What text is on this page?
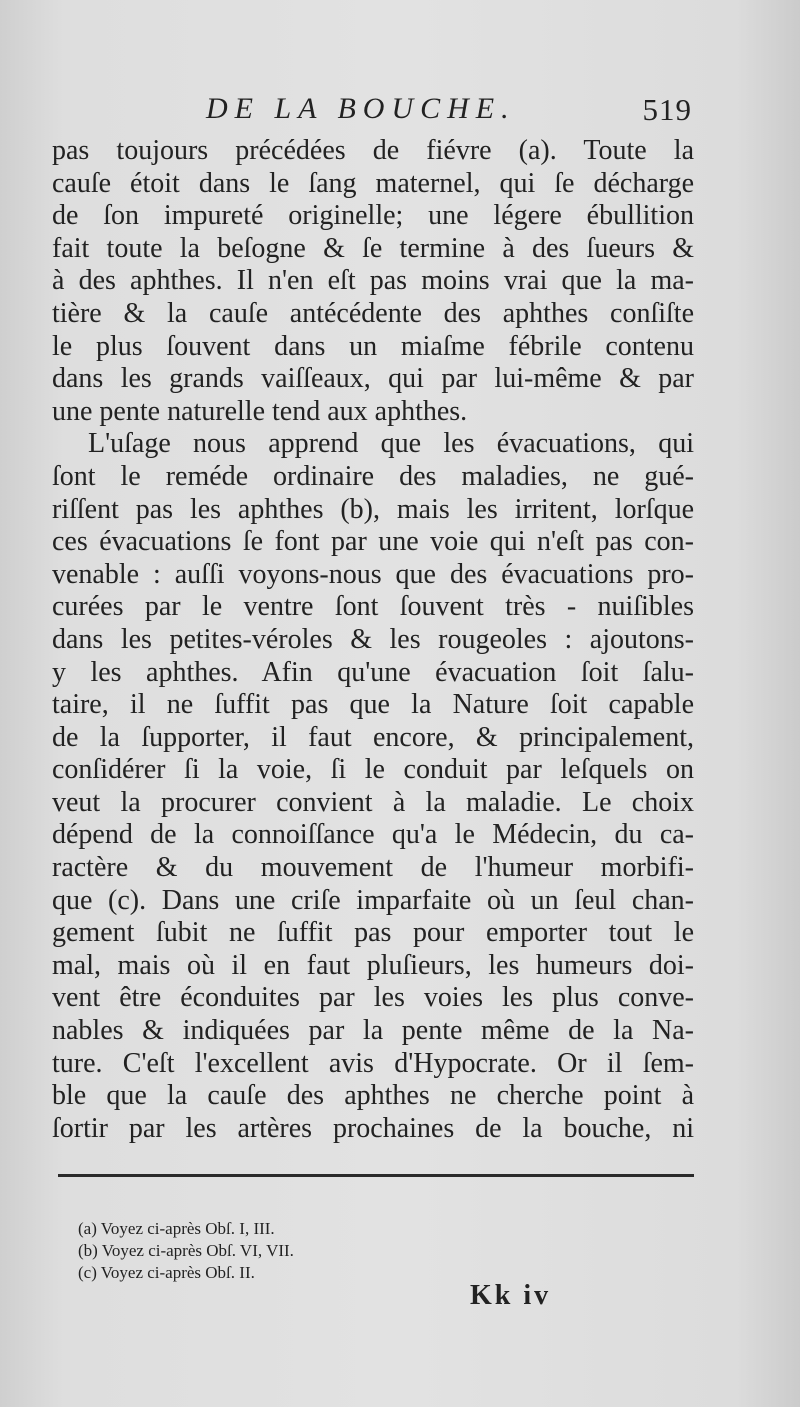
DE LA BOUCHE.	519
pas toujours précédées de fiévre (a). Toute la
cauſe étoit dans le ſang maternel, qui ſe décharge
de ſon impureté originelle; une légere ébullition
fait toute la beſogne & ſe termine à des ſueurs &
à des aphthes. Il n'en eſt pas moins vrai que la ma-
tière & la cauſe antécédente des aphthes conſiſte
le plus ſouvent dans un miaſme fébrile contenu
dans les grands vaiſſeaux, qui par lui-même & par
une pente naturelle tend aux aphthes.
L'uſage nous apprend que les évacuations, qui
ſont le reméde ordinaire des maladies, ne gué-
riſſent pas les aphthes (b), mais les irritent, lorſque
ces évacuations ſe font par une voie qui n'eſt pas con-
venable : auſſi voyons-nous que des évacuations pro-
curées par le ventre ſont ſouvent très - nuiſibles
dans les petites-véroles & les rougeoles : ajoutons-
y les aphthes. Afin qu'une évacuation ſoit ſalu-
taire, il ne ſuffit pas que la Nature ſoit capable
de la ſupporter, il faut encore, & principalement,
conſidérer ſi la voie, ſi le conduit par leſquels on
veut la procurer convient à la maladie. Le choix
dépend de la connoiſſance qu'a le Médecin, du ca-
ractère & du mouvement de l'humeur morbifi-
que (c). Dans une criſe imparfaite où un ſeul chan-
gement ſubit ne ſuffit pas pour emporter tout le
mal, mais où il en faut pluſieurs, les humeurs doi-
vent être éconduites par les voies les plus conve-
nables & indiquées par la pente même de la Na-
ture. C'eſt l'excellent avis d'Hypocrate. Or il ſem-
ble que la cauſe des aphthes ne cherche point à
ſortir par les artères prochaines de la bouche, ni
(a) Voyez ci-après Obſ. I, III.
(b) Voyez ci-après Obſ. VI, VII.
(c) Voyez ci-après Obſ. II.
Kk iv
